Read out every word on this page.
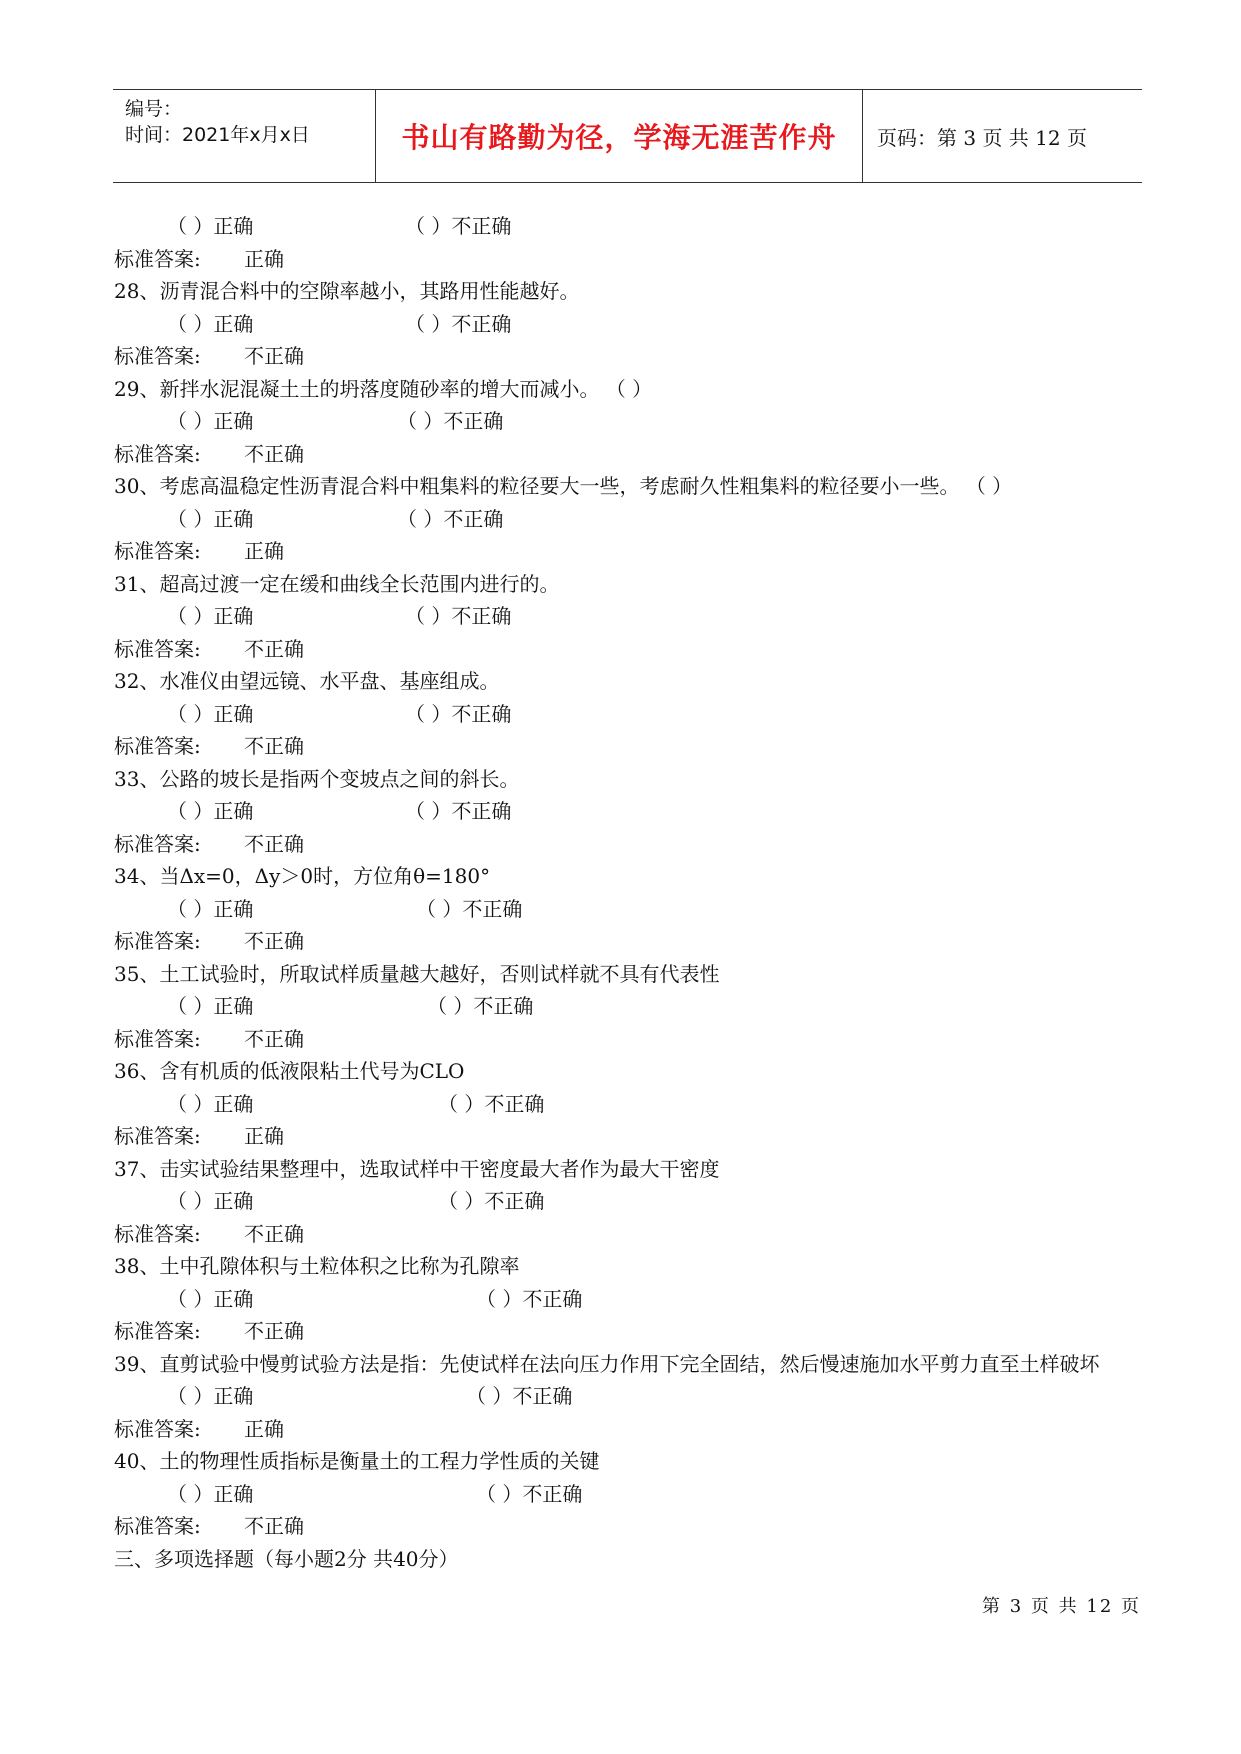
编号：
时间：2021年x月x日	书山有路勤为径，学海无涯苦作舟 页码：第 3 页 共 12 页
（ ）正确	（ ）不正确
标准答案: 正确
28、沥青混合料中的空隙率越小，其路用性能越好。
（ ）正确	（ ）不正确
标准答案: 不正确
29、新拌水泥混凝土土的坍落度随砂率的增大而减小。 （ ）
（ ）正确	（ ）不正确
标准答案: 不正确
30、考虑高温稳定性沥青混合料中粗集料的粒径要大一些，考虑耐久性粗集料的粒径要小一些。 （ ）
（ ）正确	（ ）不正确
标准答案: 正确
31、超高过渡一定在缓和曲线全长范围内进行的。
（ ）正确	（ ）不正确
标准答案: 不正确
32、水准仪由望远镜、水平盘、基座组成。
（ ）正确	（ ）不正确
标准答案: 不正确
33、公路的坡长是指两个变坡点之间的斜长。
（ ）正确	（ ）不正确
标准答案: 不正确
34、当Δx=0，Δy＞0时，方位角θ=180°
（ ）正确	（ ）不正确
标准答案: 不正确
35、土工试验时，所取试样质量越大越好，否则试样就不具有代表性
（ ）正确	（ ）不正确
标准答案: 不正确
36、含有机质的低液限粘土代号为CLO
（ ）正确	（ ）不正确
标准答案: 正确
37、击实试验结果整理中，选取试样中干密度最大者作为最大干密度
（ ）正确	（ ）不正确
标准答案: 不正确
38、土中孔隙体积与土粒体积之比称为孔隙率
（ ）正确	（ ）不正确
标准答案: 不正确
39、直剪试验中慢剪试验方法是指：先使试样在法向压力作用下完全固结，然后慢速施加水平剪力直至土样破坏
（ ）正确	（ ）不正确
标准答案: 正确
40、土的物理性质指标是衡量土的工程力学性质的关键
（ ）正确	（ ）不正确
标准答案: 不正确
三、多项选择题（每小题2分 共40分）
第 3 页 共 12 页
